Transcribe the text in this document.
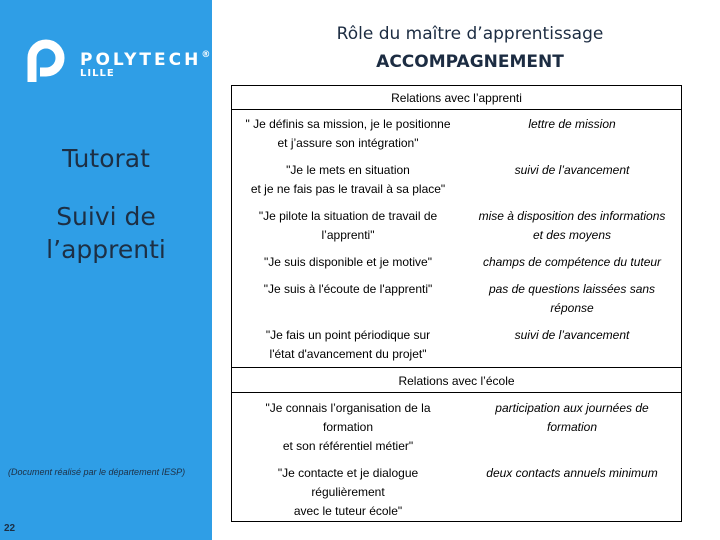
POLYTECH®
LILLE
Tutorat
Suivi de
l’apprenti
(Document réalisé par le département IESP)
22
Rôle du maître d’apprentissage
ACCOMPAGNEMENT
Relations avec l’apprenti
" Je définis sa mission, je le positionne
et j’assure son intégration"
lettre de mission
"Je le mets en situation
et je ne fais pas le travail à sa place"
suivi de l’avancement
"Je pilote la situation de travail de
l’apprenti"
mise à disposition des informations
et des moyens
"Je suis disponible et je motive"	champs de compétence du tuteur
"Je suis à l'écoute de l'apprenti"	pas de questions laissées sans
réponse
"Je fais un point périodique sur
l'état d'avancement du projet"
suivi de l’avancement
Relations avec l’école
"Je connais l’organisation de la
formation
et son référentiel métier"
participation aux journées de
formation
"Je contacte et je dialogue
régulièrement
avec le tuteur école"
deux contacts annuels minimum
